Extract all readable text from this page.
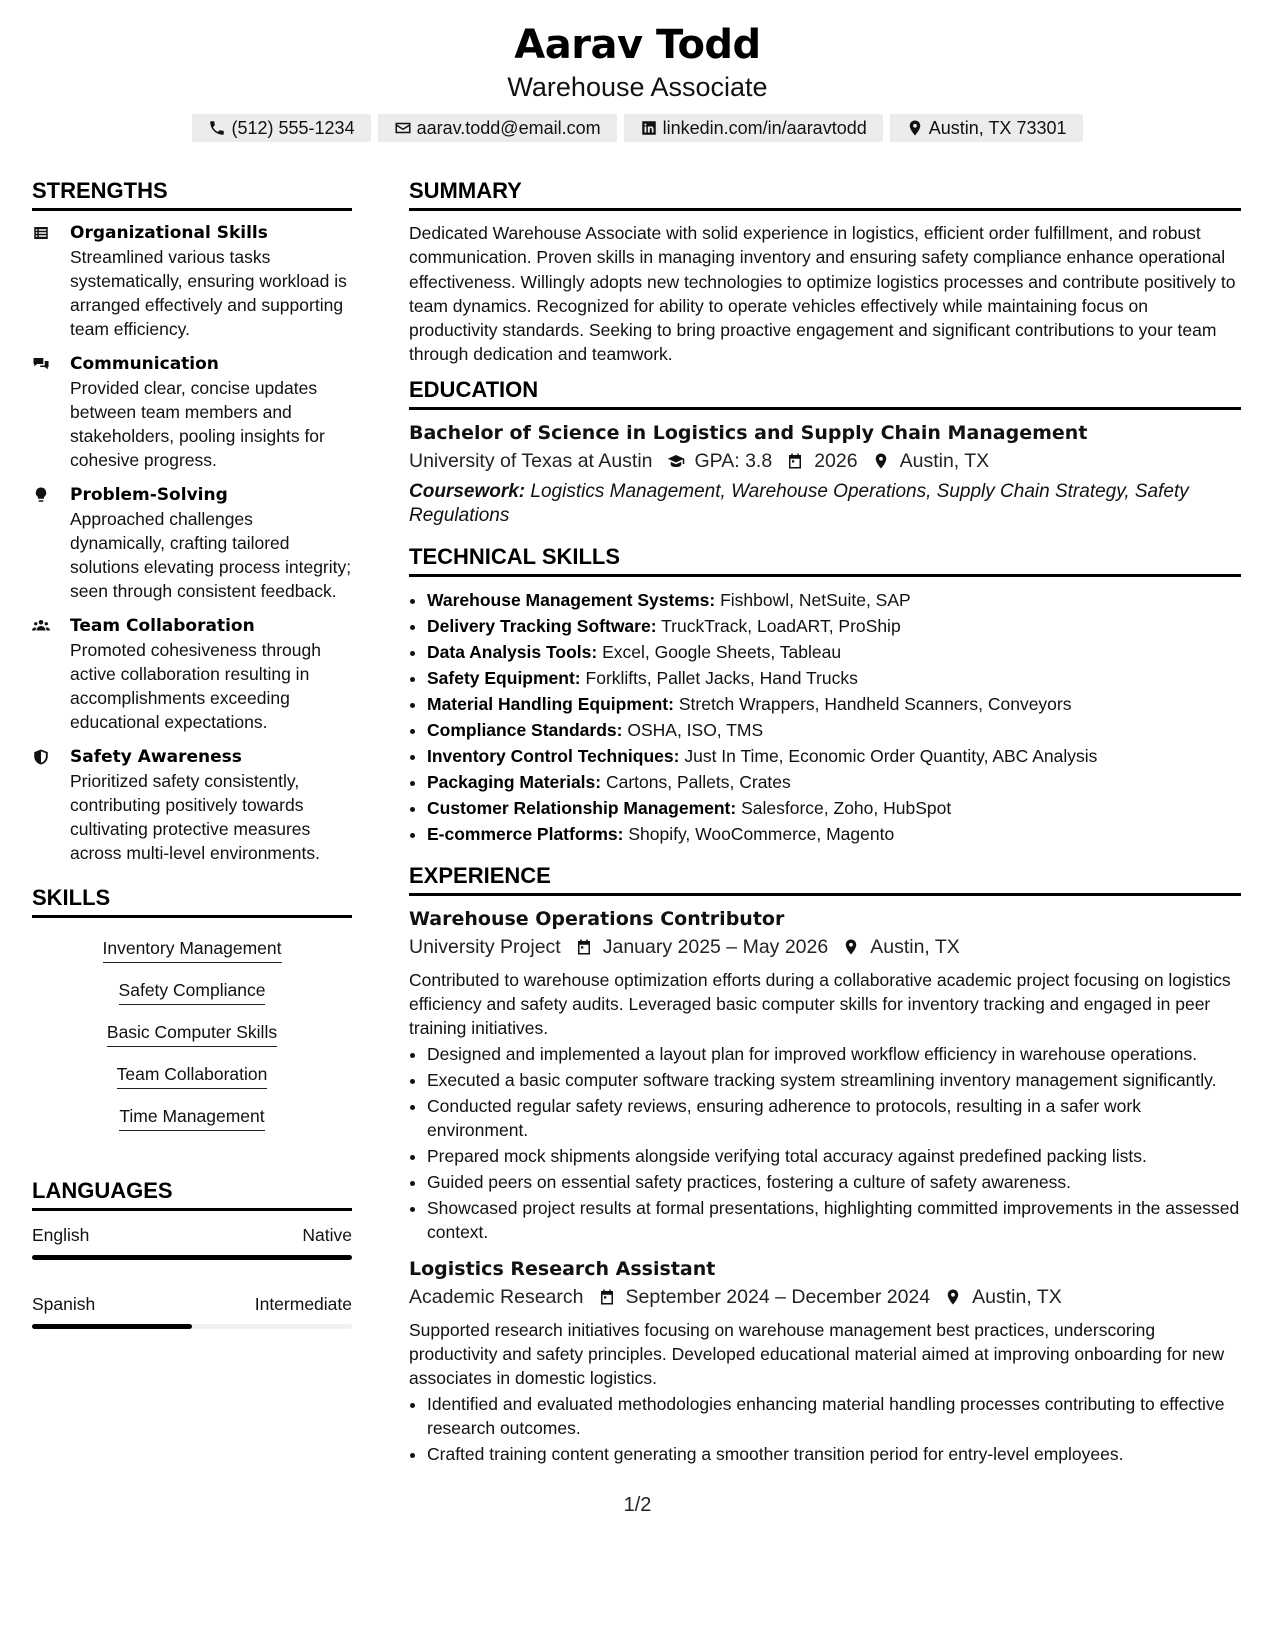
Aarav Todd
Warehouse Associate
(512) 555-1234	aarav.todd@email.com	linkedin.com/in/aaravtodd	Austin, TX 73301
STRENGTHS
Organizational Skills
Streamlined various tasks systematically, ensuring workload is arranged effectively and supporting team efficiency.
Communication
Provided clear, concise updates between team members and stakeholders, pooling insights for cohesive progress.
Problem-Solving
Approached challenges dynamically, crafting tailored solutions elevating process integrity; seen through consistent feedback.
Team Collaboration
Promoted cohesiveness through active collaboration resulting in accomplishments exceeding educational expectations.
Safety Awareness
Prioritized safety consistently, contributing positively towards cultivating protective measures across multi-level environments.
SKILLS
Inventory Management
Safety Compliance
Basic Computer Skills
Team Collaboration
Time Management
LANGUAGES
English	Native
Spanish	Intermediate
SUMMARY

Dedicated Warehouse Associate with solid experience in logistics, efficient order fulfillment, and robust communication. Proven skills in managing inventory and ensuring safety compliance enhance operational effectiveness. Willingly adopts new technologies to optimize logistics processes and contribute positively to team dynamics. Recognized for ability to operate vehicles effectively while maintaining focus on productivity standards. Seeking to bring proactive engagement and significant contributions to your team through dedication and teamwork.

EDUCATION
Bachelor of Science in Logistics and Supply Chain Management
University of Texas at Austin GPA: 3.8 2026 Austin, TX
Coursework: Logistics Management, Warehouse Operations, Supply Chain Strategy, Safety Regulations
TECHNICAL SKILLS
• Warehouse Management Systems: Fishbowl, NetSuite, SAP
• Delivery Tracking Software: TruckTrack, LoadART, ProShip
• Data Analysis Tools: Excel, Google Sheets, Tableau
• Safety Equipment: Forklifts, Pallet Jacks, Hand Trucks
• Material Handling Equipment: Stretch Wrappers, Handheld Scanners, Conveyors
• Compliance Standards: OSHA, ISO, TMS
• Inventory Control Techniques: Just In Time, Economic Order Quantity, ABC Analysis
• Packaging Materials: Cartons, Pallets, Crates
• Customer Relationship Management: Salesforce, Zoho, HubSpot
• E-commerce Platforms: Shopify, WooCommerce, Magento
EXPERIENCE
Warehouse Operations Contributor
University Project January 2025 – May 2026 Austin, TX
Contributed to warehouse optimization efforts during a collaborative academic project focusing on logistics efficiency and safety audits. Leveraged basic computer skills for inventory tracking and engaged in peer training initiatives.
• Designed and implemented a layout plan for improved workflow efficiency in warehouse operations.
• Executed a basic computer software tracking system streamlining inventory management significantly.
• Conducted regular safety reviews, ensuring adherence to protocols, resulting in a safer work environment.
• Prepared mock shipments alongside verifying total accuracy against predefined packing lists.
• Guided peers on essential safety practices, fostering a culture of safety awareness.
• Showcased project results at formal presentations, highlighting committed improvements in the assessed context.
Logistics Research Assistant
Academic Research September 2024 – December 2024 Austin, TX
Supported research initiatives focusing on warehouse management best practices, underscoring productivity and safety principles. Developed educational material aimed at improving onboarding for new associates in domestic logistics.
• Identified and evaluated methodologies enhancing material handling processes contributing to effective research outcomes.
• Crafted training content generating a smoother transition period for entry-level employees.
1/2
